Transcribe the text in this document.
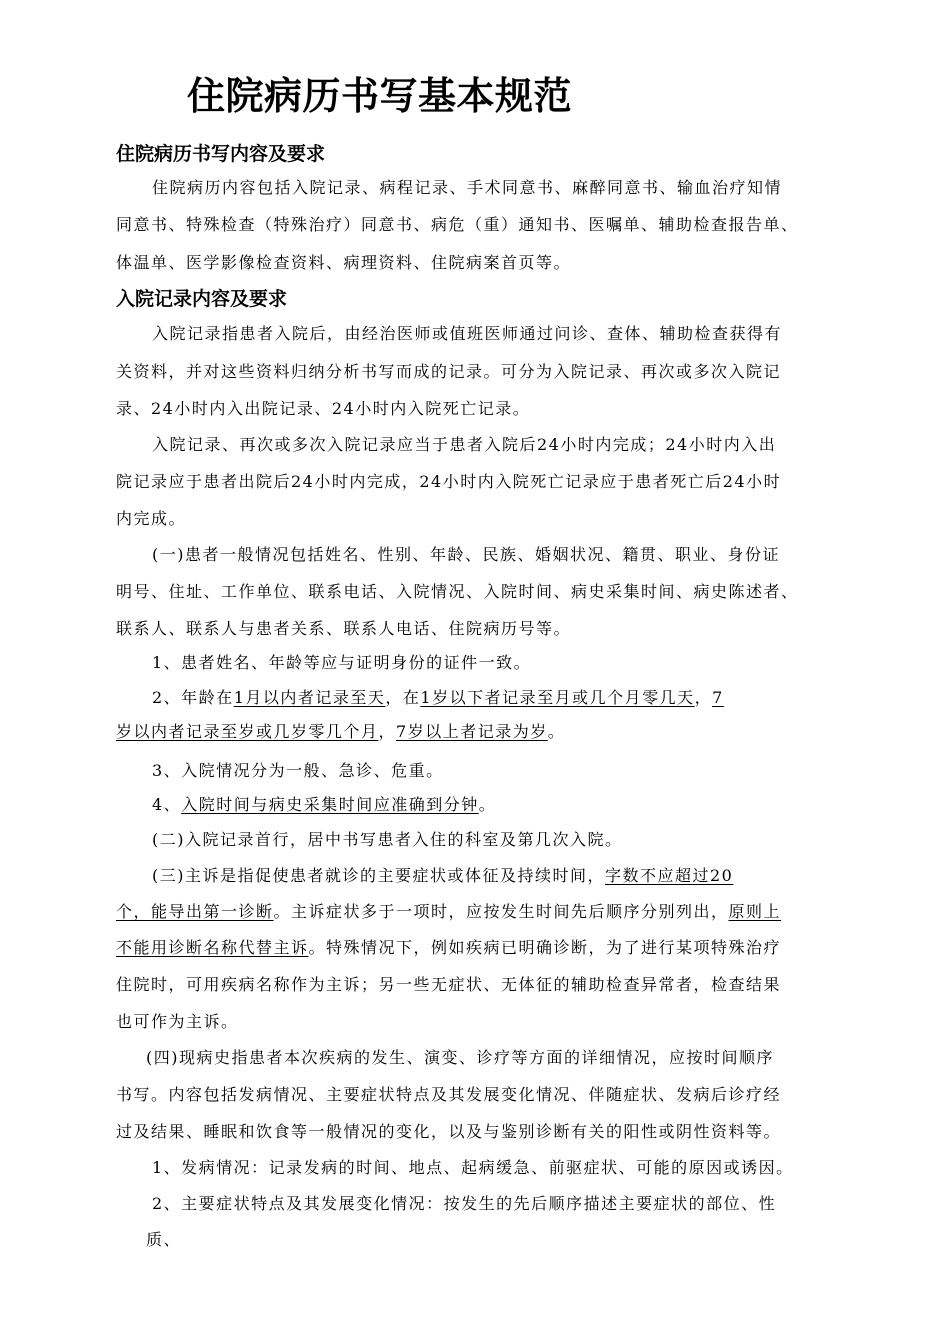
住院病历书写基本规范
住院病历书写内容及要求
住院病历内容包括入院记录、病程记录、手术同意书、麻醉同意书、输血治疗知情
同意书、特殊检查（特殊治疗）同意书、病危（重）通知书、医嘱单、辅助检查报告单、
体温单、医学影像检查资料、病理资料、住院病案首页等。
入院记录内容及要求
入院记录指患者入院后，由经治医师或值班医师通过问诊、查体、辅助检查获得有
关资料，并对这些资料归纳分析书写而成的记录。可分为入院记录、再次或多次入院记
录、24小时内入出院记录、24小时内入院死亡记录。
入院记录、再次或多次入院记录应当于患者入院后24小时内完成；24小时内入出
院记录应于患者出院后24小时内完成，24小时内入院死亡记录应于患者死亡后24小时
内完成。
(一)患者一般情况包括姓名、性别、年龄、民族、婚姻状况、籍贯、职业、身份证
明号、住址、工作单位、联系电话、入院情况、入院时间、病史采集时间、病史陈述者、
联系人、联系人与患者关系、联系人电话、住院病历号等。
1、患者姓名、年龄等应与证明身份的证件一致。
2、年龄在1月以内者记录至天，在1岁以下者记录至月或几个月零几天，7
岁以内者记录至岁或几岁零几个月，7岁以上者记录为岁。
3、入院情况分为一般、急诊、危重。
4、入院时间与病史采集时间应准确到分钟。
(二)入院记录首行，居中书写患者入住的科室及第几次入院。
(三)主诉是指促使患者就诊的主要症状或体征及持续时间，字数不应超过20
个，能导出第一诊断。主诉症状多于一项时，应按发生时间先后顺序分别列出，原则上
不能用诊断名称代替主诉。特殊情况下，例如疾病已明确诊断，为了进行某项特殊治疗
住院时，可用疾病名称作为主诉；另一些无症状、无体征的辅助检查异常者，检查结果
也可作为主诉。
(四)现病史指患者本次疾病的发生、演变、诊疗等方面的详细情况，应按时间顺序
书写。内容包括发病情况、主要症状特点及其发展变化情况、伴随症状、发病后诊疗经
过及结果、睡眠和饮食等一般情况的变化，以及与鉴别诊断有关的阳性或阴性资料等。
1、发病情况：记录发病的时间、地点、起病缓急、前驱症状、可能的原因或诱因。
2、主要症状特点及其发展变化情况：按发生的先后顺序描述主要症状的部位、性
质、
